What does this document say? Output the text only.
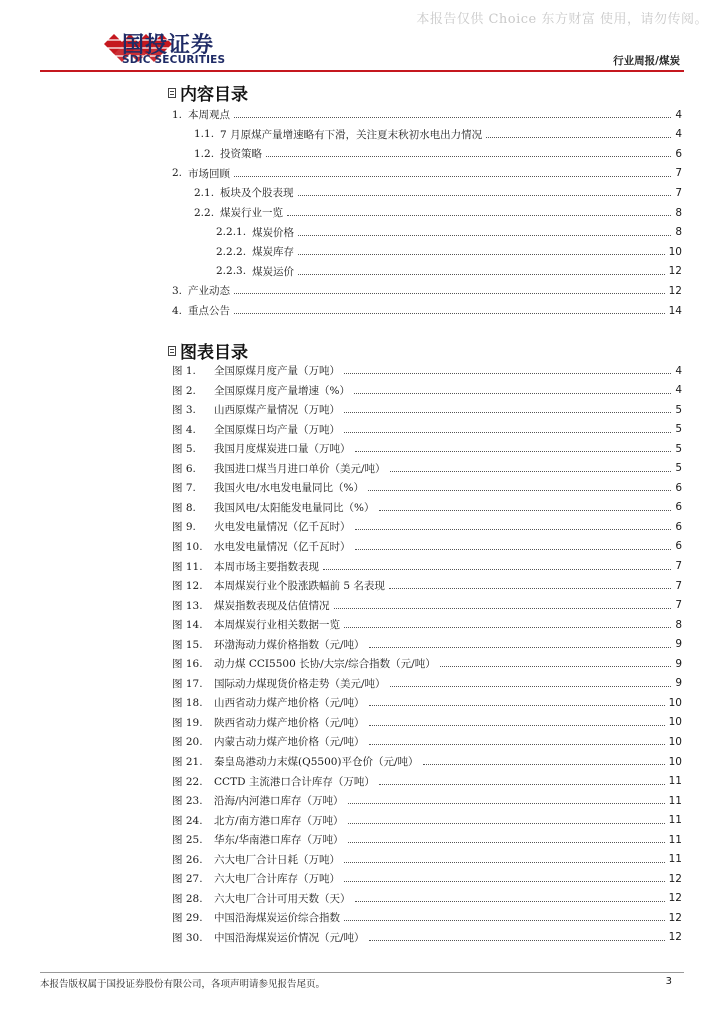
本报告仅供 Choice 东方财富 使用，请勿传阅。
国投证券
SDIC SECURITIES	行业周报/煤炭
内容目录
1. 本周观点	4
1.1. 7 月原煤产量增速略有下滑，关注夏末秋初水电出力情况	4
1.2. 投资策略	6
2. 市场回顾	7
2.1. 板块及个股表现	7
2.2. 煤炭行业一览	8
2.2.1. 煤炭价格	8
2.2.2. 煤炭库存	10
2.2.3. 煤炭运价	12
3. 产业动态	12
4. 重点公告	14
图表目录
图 1.	全国原煤月度产量（万吨）	4
图 2.	全国原煤月度产量增速（%）	4
图 3.	山西原煤产量情况（万吨）	5
图 4.	全国原煤日均产量（万吨）	5
图 5.	我国月度煤炭进口量（万吨）	5
图 6.	我国进口煤当月进口单价（美元/吨）	5
图 7.	我国火电/水电发电量同比（%）	6
图 8.	我国风电/太阳能发电量同比（%）	6
图 9.	火电发电量情况（亿千瓦时）	6
图 10.	水电发电量情况（亿千瓦时）	6
图 11.	本周市场主要指数表现	7
图 12.	本周煤炭行业个股涨跌幅前 5 名表现	7
图 13.	煤炭指数表现及估值情况	7
图 14.	本周煤炭行业相关数据一览	8
图 15.	环渤海动力煤价格指数（元/吨）	9
图 16.	动力煤 CCI5500 长协/大宗/综合指数（元/吨）	9
图 17.	国际动力煤现货价格走势（美元/吨）	9
图 18.	山西省动力煤产地价格（元/吨）	10
图 19.	陕西省动力煤产地价格（元/吨）	10
图 20.	内蒙古动力煤产地价格（元/吨）	10
图 21.	秦皇岛港动力末煤(Q5500)平仓价（元/吨）	10
图 22.	CCTD 主流港口合计库存（万吨）	11
图 23.	沿海/内河港口库存（万吨）	11
图 24.	北方/南方港口库存（万吨）	11
图 25.	华东/华南港口库存（万吨）	11
图 26.	六大电厂合计日耗（万吨）	11
图 27.	六大电厂合计库存（万吨）	12
图 28.	六大电厂合计可用天数（天）	12
图 29.	中国沿海煤炭运价综合指数	12
图 30.	中国沿海煤炭运价情况（元/吨）	12
本报告版权属于国投证券股份有限公司，各项声明请参见报告尾页。	3
